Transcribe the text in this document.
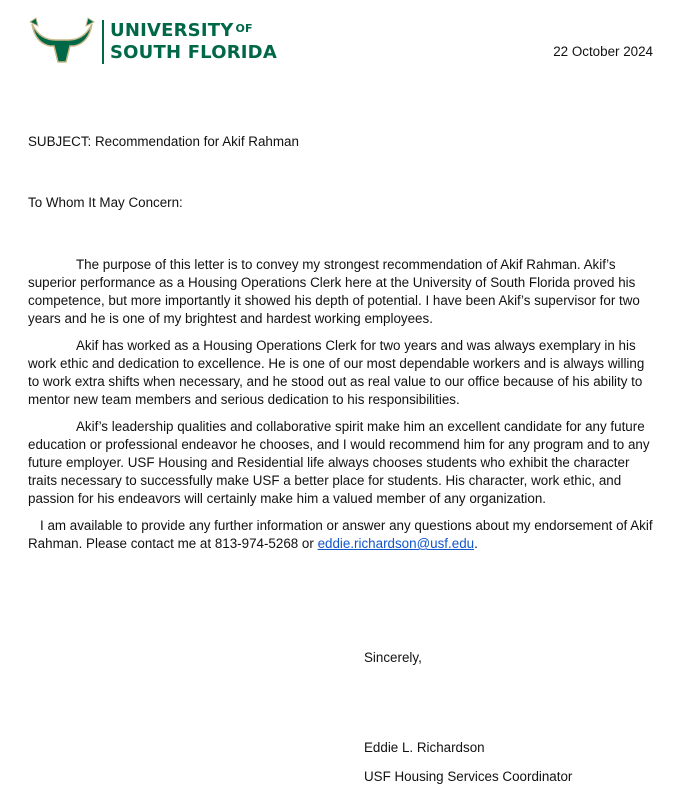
UNIVERSITY $^{OF}$
SOUTH FLORIDA	22 October 2024
SUBJECT: Recommendation for Akif Rahman
To Whom It May Concern:

The purpose of this letter is to convey my strongest recommendation of Akif Rahman. Akif’s superior performance as a Housing Operations Clerk here at the University of South Florida proved his competence, but more importantly it showed his depth of potential. I have been Akif’s supervisor for two years and he is one of my brightest and hardest working employees.

Akif has worked as a Housing Operations Clerk for two years and was always exemplary in his work ethic and dedication to excellence. He is one of our most dependable workers and is always willing to work extra shifts when necessary, and he stood out as real value to our office because of his ability to mentor new team members and serious dedication to his responsibilities.

Akif’s leadership qualities and collaborative spirit make him an excellent candidate for any future education or professional endeavor he chooses, and I would recommend him for any program and to any future employer. USF Housing and Residential life always chooses students who exhibit the character traits necessary to successfully make USF a better place for students. His character, work ethic, and passion for his endeavors will certainly make him a valued member of any organization.

I am available to provide any further information or answer any questions about my endorsement of Akif Rahman. Please contact me at 813-974-5268 or eddie.richardson@usf.edu.

Sincerely,
Eddie L. Richardson
USF Housing Services Coordinator
